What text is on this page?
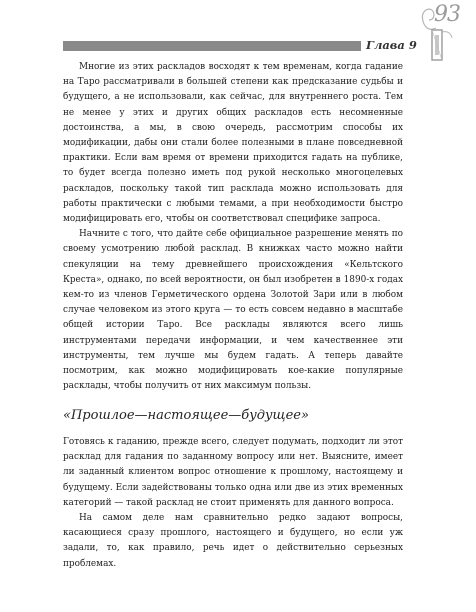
Глава 9
93

Многие из этих раскладов восходят к тем временам, когда гадание на Таро рассматривали в большей степени как предсказание судьбы и будущего, а не использовали, как сейчас, для внутреннего роста. Тем не менее у этих и других общих раскладов есть несомненные достоинства, а мы, в свою очередь, рассмотрим способы их модификации, дабы они стали более полезными в плане повседневной практики. Если вам время от времени приходится гадать на публике, то будет всегда полезно иметь под рукой несколько многоцелевых раскладов, поскольку такой тип расклада можно использовать для работы практически с любыми темами, а при необходимости быстро модифицировать его, чтобы он соответствовал специфике запроса.

Начните с того, что дайте себе официальное разрешение менять по своему усмотрению любой расклад. В книжках часто можно найти спекуляции на тему древнейшего происхождения «Кельтского Креста», однако, по всей вероятности, он был изобретен в 1890-х годах кем-то из членов Герметического ордена Золотой Зари или в любом случае человеком из этого круга — то есть совсем недавно в масштабе общей истории Таро. Все расклады являются всего лишь инструментами передачи информации, и чем качественнее эти инструменты, тем лучше мы будем гадать. А теперь давайте посмотрим, как можно модифицировать кое-какие популярные расклады, чтобы получить от них максимум пользы.

«Прошлое—настоящее—будущее»

Готовясь к гаданию, прежде всего, следует подумать, подходит ли этот расклад для гадания по заданному вопросу или нет. Выясните, имеет ли заданный клиентом вопрос отношение к прошлому, настоящему и будущему. Если задействованы только одна или две из этих временных категорий — такой расклад не стоит применять для данного вопроса.

На самом деле нам сравнительно редко задают вопросы, касающиеся сразу прошлого, настоящего и будущего, но если уж задали, то, как правило, речь идет о действительно серьезных проблемах.
